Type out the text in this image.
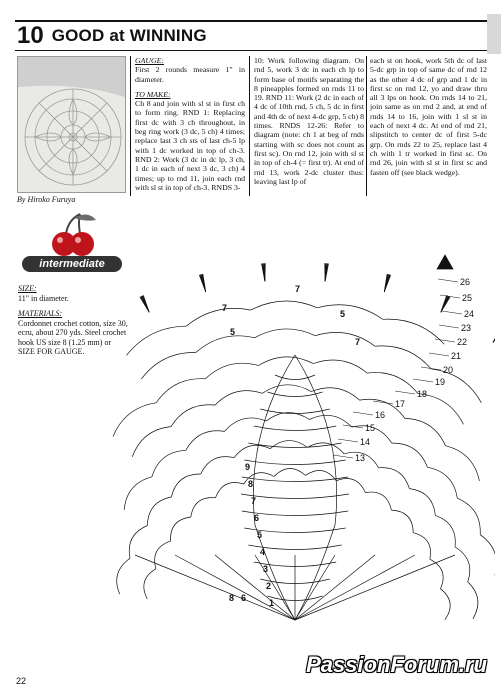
10 GOOD at WINNING
By Hiroko Furuya
intermediate
SIZE:

11" in diameter.

MATERIALS:

Cordonnet crochet cotton, size 30, ecru, about 270 yds. Steel crochet hook US size 8 (1.25 mm) or SIZE FOR GAUGE.

GAUGE:

First 2 rounds measure 1" in diameter.

TO MAKE:

Ch 8 and join with sl st in first ch to form ring. RND 1: Replacing first dc with 3 ch throughout, in beg ring work (3 dc, 5 ch) 4 times; replace last 3 ch sts of last ch-5 lp with 1 dc worked in top of ch-3. RND 2: Work (3 dc in dc lp, 3 ch, 1 dc in each of next 3 dc, 3 ch) 4 times; up to rnd 11, join each rnd with sl st in top of ch-3. RNDS 3-

10: Work following diagram. On rnd 5, work 3 dc in each ch lp to form base of motifs separating the 8 pineapples formed on rnds 11 to 19. RND 11: Work (2 dc in each of 4 dc of 10th rnd, 5 ch, 5 dc in first and 4th dc of next 4-dc grp, 5 ch) 8 times. RNDS 12-26: Refer to diagram (note: ch 1 at beg of rnds starting with sc does not count as first sc). On rnd 12, join with sl st in top of ch-4 (= first tr). At end of rnd 13, work 2-dc cluster thus: leaving last lp of

each st on hook, work 5th dc of last 5-dc grp in top of same dc of rnd 12 as the other 4 dc of grp and 1 dc in first sc on rnd 12, yo and draw thru all 3 lps on hook. On rnds 14 to 21, join same as on rnd 2 and, at end of rnds 14 to 16, join with 1 sl st in each of next 4 dc. At end of rnd 21, slipstitch to center dc of first 5-dc grp. On rnds 22 to 25, replace last 4 ch with 1 tr worked in first sc. On rnd 26, join with sl st in first sc and fasten off (see black wedge).

26
25
24
23
22
21
20
19
18
17
16
15
14
13
7
5
7
5
7
9
8
7
6
5
4
3
2
1
8 6
22
PassionForum.ru
